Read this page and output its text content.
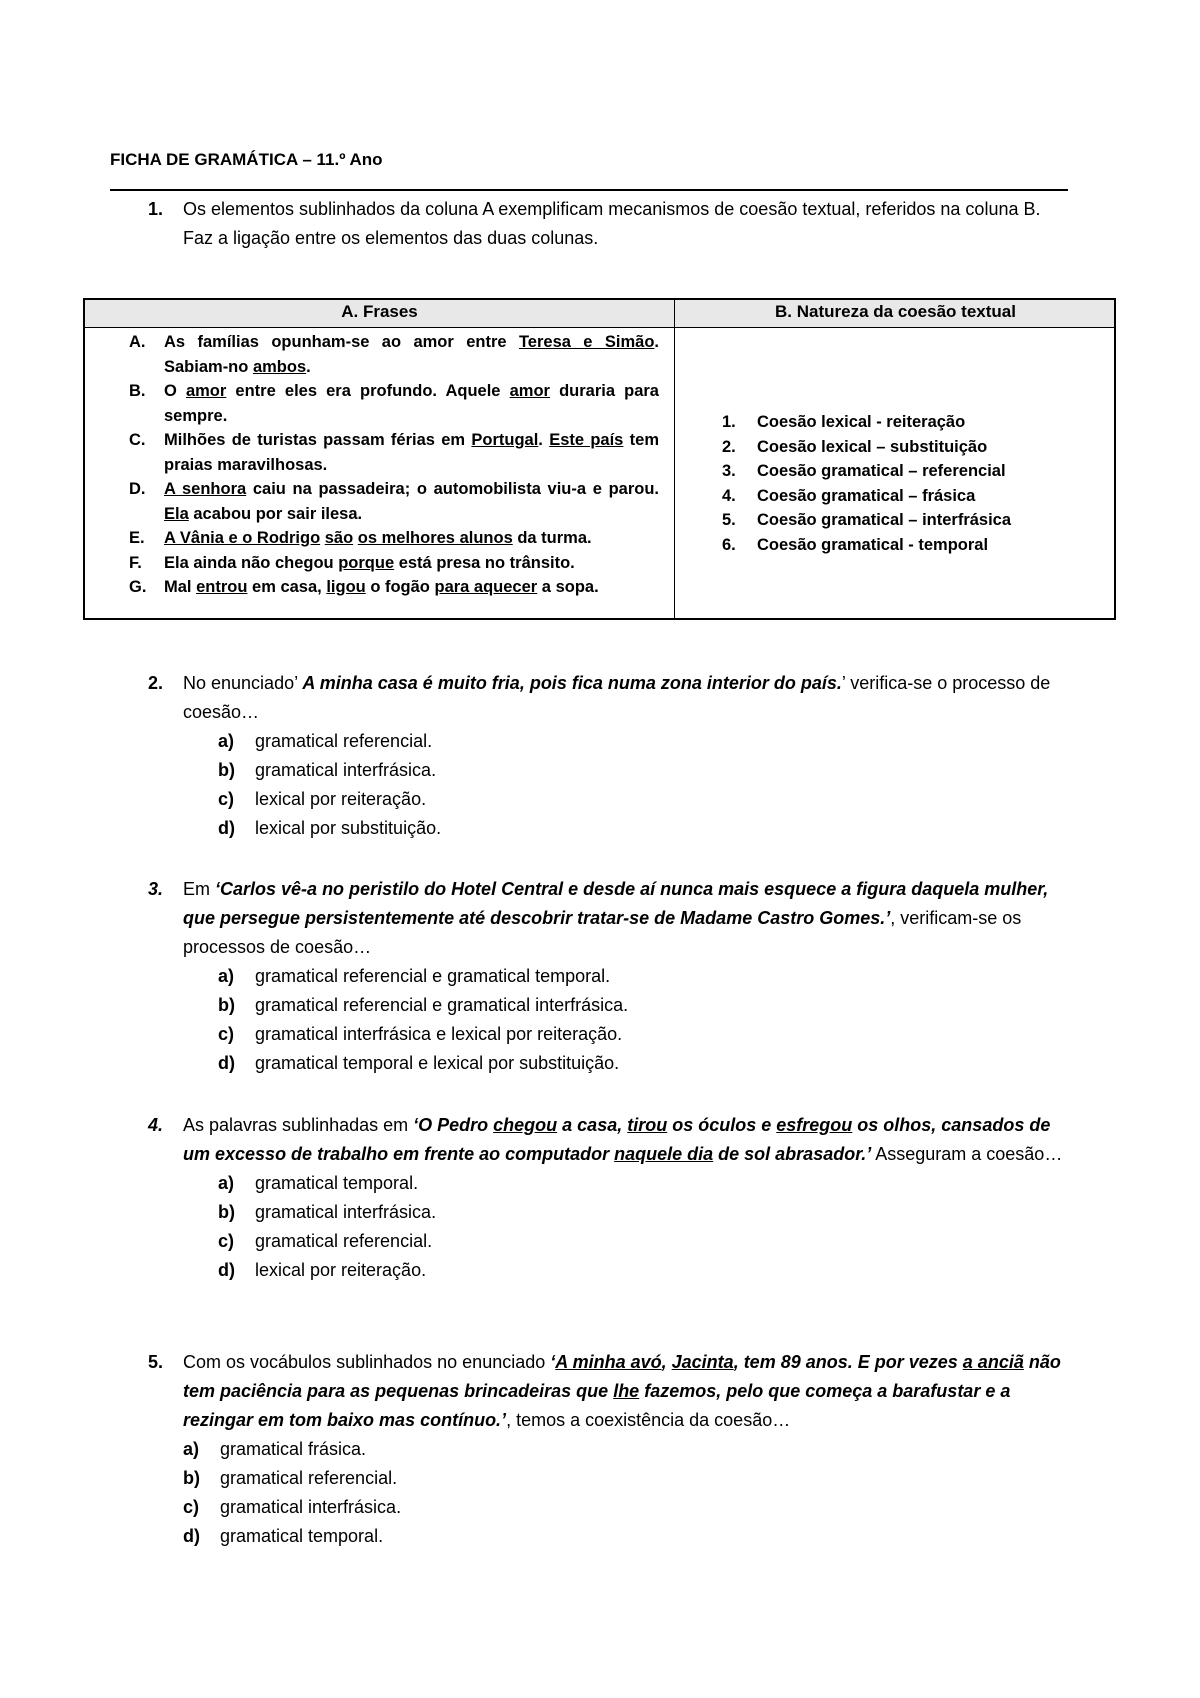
FICHA DE GRAMÁTICA – 11.º Ano
1. Os elementos sublinhados da coluna A exemplificam mecanismos de coesão textual, referidos na coluna B. Faz a ligação entre os elementos das duas colunas.
A. Frases	B. Natureza da coesão textual
A. As famílias opunham-se ao amor entre Teresa e Simão. Sabiam-no ambos.
B. O amor entre eles era profundo. Aquele amor duraria para sempre.
C. Milhões de turistas passam férias em Portugal. Este país tem praias maravilhosas.
D. A senhora caiu na passadeira; o automobilista viu-a e parou. Ela acabou por sair ilesa.
E. A Vânia e o Rodrigo são os melhores alunos da turma.
F. Ela ainda não chegou porque está presa no trânsito.
G. Mal entrou em casa, ligou o fogão para aquecer a sopa.
1. Coesão lexical - reiteração
2. Coesão lexical – substituição
3. Coesão gramatical – referencial
4. Coesão gramatical – frásica
5. Coesão gramatical – interfrásica
6. Coesão gramatical - temporal
2. No enunciado’ A minha casa é muito fria, pois fica numa zona interior do país.’ verifica-se o processo de coesão…
a) gramatical referencial.
b) gramatical interfrásica.
c) lexical por reiteração.
d) lexical por substituição.
3. Em ‘Carlos vê-a no peristilo do Hotel Central e desde aí nunca mais esquece a figura daquela mulher, que persegue persistentemente até descobrir tratar-se de Madame Castro Gomes.’, verificam-se os processos de coesão…
a) gramatical referencial e gramatical temporal.
b) gramatical referencial e gramatical interfrásica.
c) gramatical interfrásica e lexical por reiteração.
d) gramatical temporal e lexical por substituição.
4. As palavras sublinhadas em ‘O Pedro chegou a casa, tirou os óculos e esfregou os olhos, cansados de um excesso de trabalho em frente ao computador naquele dia de sol abrasador.’ Asseguram a coesão…
a) gramatical temporal.
b) gramatical interfrásica.
c) gramatical referencial.
d) lexical por reiteração.
5. Com os vocábulos sublinhados no enunciado ‘A minha avó, Jacinta, tem 89 anos. E por vezes a anciã não tem paciência para as pequenas brincadeiras que lhe fazemos, pelo que começa a barafustar e a rezingar em tom baixo mas contínuo.’, temos a coexistência da coesão…
a) gramatical frásica.
b) gramatical referencial.
c) gramatical interfrásica.
d) gramatical temporal.
